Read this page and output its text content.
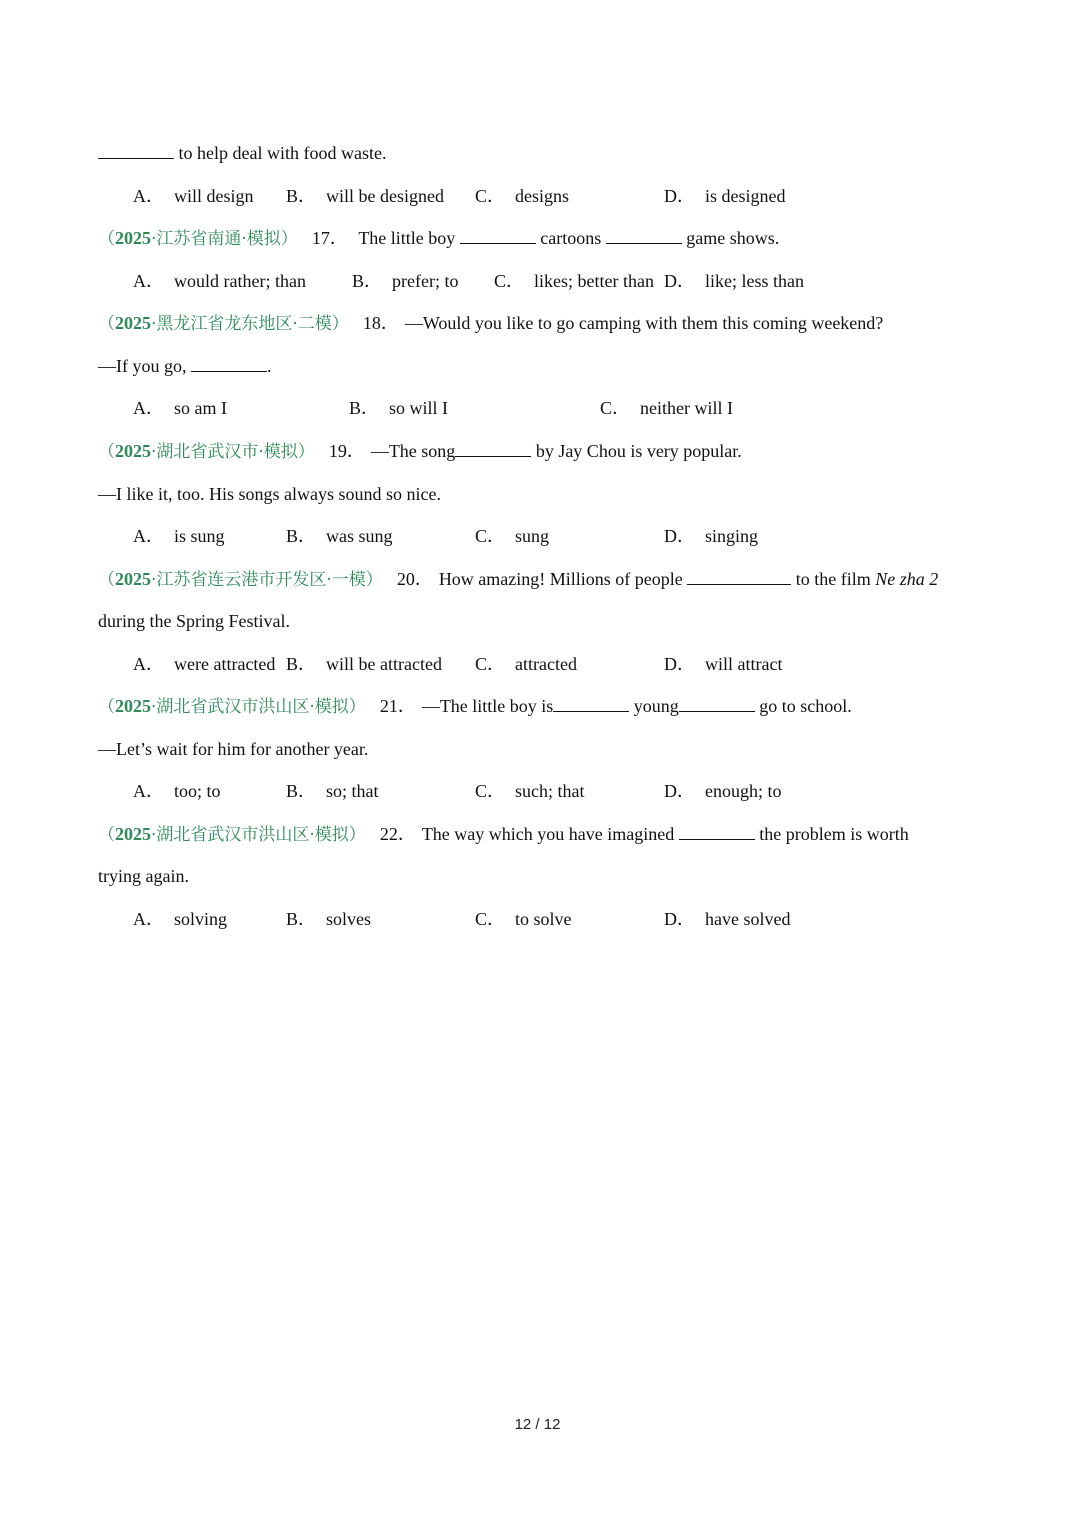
to help deal with food waste.
A． will design B． will be designed C． designs	D． is designed
（2025·江苏省南通·模拟） 17． The little boy	cartoons	game shows.
A． would rather; than	B． prefer; to C． likes; better than D． like; less than
（2025·黑龙江省龙东地区·二模） 18． —Would you like to go camping with them this coming weekend?
—If you go,	.
A． so am I	B． so will I	C． neither will I
（2025·湖北省武汉市·模拟） 19． —The song	by Jay Chou is very popular.
—I like it, too. His songs always sound so nice.
A． is sung	B． was sung	C． sung	D． singing
（2025·江苏省连云港市开发区·一模） 20． How amazing! Millions of people	to the film Ne zha 2
during the Spring Festival.
A． were attracted B． will be attracted C． attracted	D． will attract
（2025·湖北省武汉市洪山区·模拟） 21． —The little boy is	young	go to school.
—Let’s wait for him for another year.
A． too; to	B． so; that	C． such; that	D． enough; to
（2025·湖北省武汉市洪山区·模拟） 22． The way which you have imagined	the problem is worth
trying again.
A． solving	B． solves	C． to solve	D． have solved
12 / 12
